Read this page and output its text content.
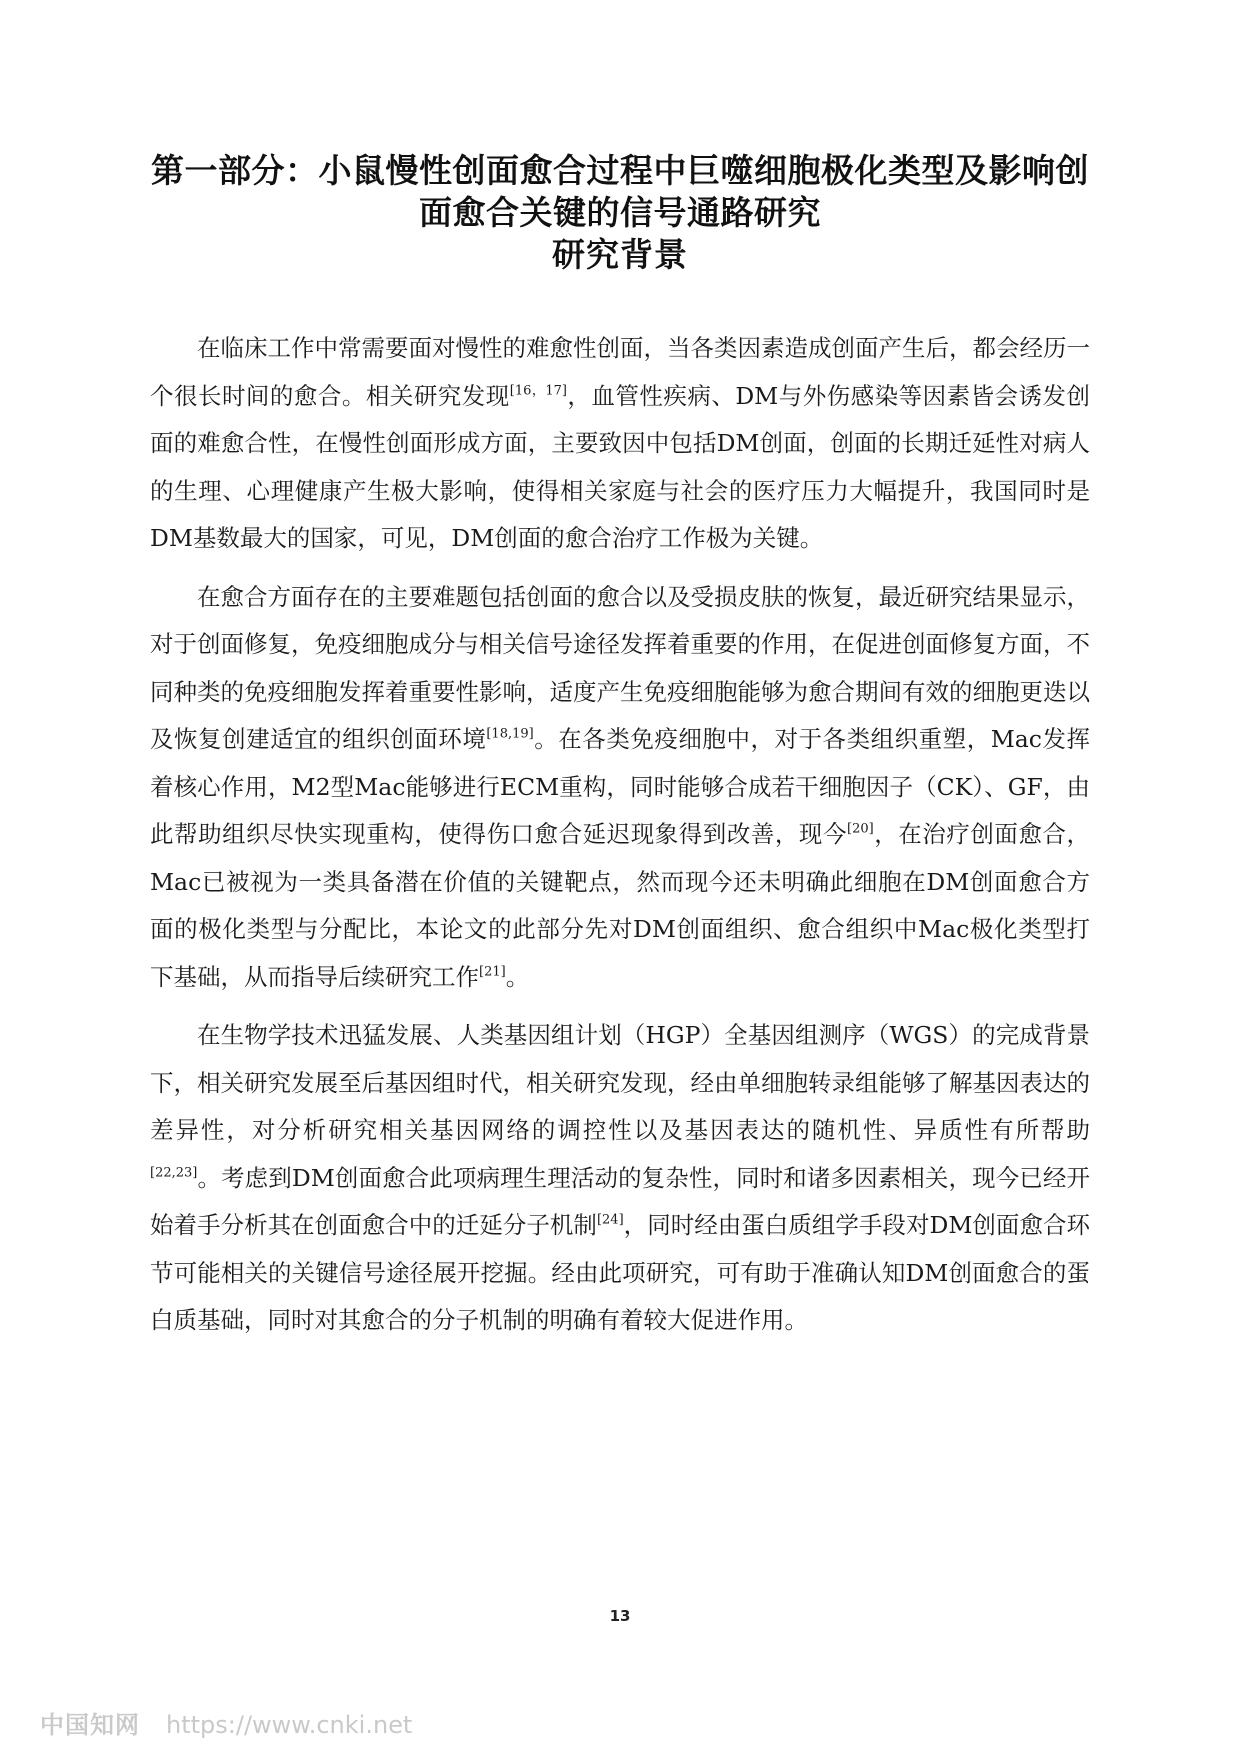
第一部分：小鼠慢性创面愈合过程中巨噬细胞极化类型及影响创
面愈合关键的信号通路研究
研究背景

在临床工作中常需要面对慢性的难愈性创面，当各类因素造成创面产生后，都会经历一个很长时间的愈合。相关研究发现[16，17]，血管性疾病、DM与外伤感染等因素皆会诱发创面的难愈合性，在慢性创面形成方面，主要致因中包括DM创面，创面的长期迁延性对病人的生理、心理健康产生极大影响，使得相关家庭与社会的医疗压力大幅提升，我国同时是DM基数最大的国家，可见，DM创面的愈合治疗工作极为关键。

在愈合方面存在的主要难题包括创面的愈合以及受损皮肤的恢复，最近研究结果显示，对于创面修复，免疫细胞成分与相关信号途径发挥着重要的作用，在促进创面修复方面，不同种类的免疫细胞发挥着重要性影响，适度产生免疫细胞能够为愈合期间有效的细胞更迭以及恢复创建适宜的组织创面环境[18,19]。在各类免疫细胞中，对于各类组织重塑，Mac发挥着核心作用，M2型Mac能够进行ECM重构，同时能够合成若干细胞因子（CK）、GF，由此帮助组织尽快实现重构，使得伤口愈合延迟现象得到改善，现今[20]，在治疗创面愈合，Mac已被视为一类具备潜在价值的关键靶点，然而现今还未明确此细胞在DM创面愈合方面的极化类型与分配比，本论文的此部分先对DM创面组织、愈合组织中Mac极化类型打下基础，从而指导后续研究工作[21]。

在生物学技术迅猛发展、人类基因组计划（HGP）全基因组测序（WGS）的完成背景下，相关研究发展至后基因组时代，相关研究发现，经由单细胞转录组能够了解基因表达的差异性，对分析研究相关基因网络的调控性以及基因表达的随机性、异质性有所帮助 [22,23]。考虑到DM创面愈合此项病理生理活动的复杂性，同时和诸多因素相关，现今已经开始着手分析其在创面愈合中的迁延分子机制[24]，同时经由蛋白质组学手段对DM创面愈合环节可能相关的关键信号途径展开挖掘。经由此项研究，可有助于准确认知DM创面愈合的蛋白质基础，同时对其愈合的分子机制的明确有着较大促进作用。

13
中国知网 https://www.cnki.net
